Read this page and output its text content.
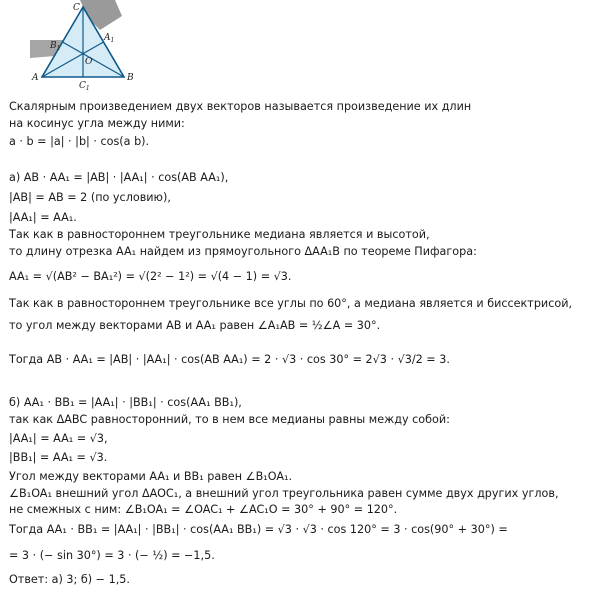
C
$B_1$
$A_1$
O
A	B
$C_1$
Скалярным произведением двух векторов называется произведение их длин
на косинус угла между ними:
a · b = |a| · |b| · cos(a b).
а) AB · AA₁ = |AB| · |AA₁| · cos(AB AA₁),
|AB| = AB = 2 (по условию),
|AA₁| = AA₁.
Так как в равностороннем треугольнике медиана является и высотой,
то длину отрезка AA₁ найдем из прямоугольного ΔAA₁B по теореме Пифагора:
AA₁ = √(AB² − BA₁²) = √(2² − 1²) = √(4 − 1) = √3.
Так как в равностороннем треугольнике все углы по 60°, а медиана является и биссектрисой,
то угол между векторами AB и AA₁ равен ∠A₁AB = ½∠A = 30°.
Тогда AB · AA₁ = |AB| · |AA₁| · cos(AB AA₁) = 2 · √3 · cos 30° = 2√3 · √3/2 = 3.
б) AA₁ · BB₁ = |AA₁| · |BB₁| · cos(AA₁ BB₁),
так как ΔABC равносторонний, то в нем все медианы равны между собой:
|AA₁| = AA₁ = √3,
|BB₁| = AA₁ = √3.
Угол между векторами AA₁ и BB₁ равен ∠B₁OA₁.
∠B₁OA₁ внешний угол ΔAOC₁, а внешний угол треугольника равен сумме двух других углов,
не смежных с ним: ∠B₁OA₁ = ∠OAC₁ + ∠AC₁O = 30° + 90° = 120°.
Тогда AA₁ · BB₁ = |AA₁| · |BB₁| · cos(AA₁ BB₁) = √3 · √3 · cos 120° = 3 · cos(90° + 30°) =
= 3 · (− sin 30°) = 3 · (− ½) = −1,5.
Ответ: а) 3; б) − 1,5.
